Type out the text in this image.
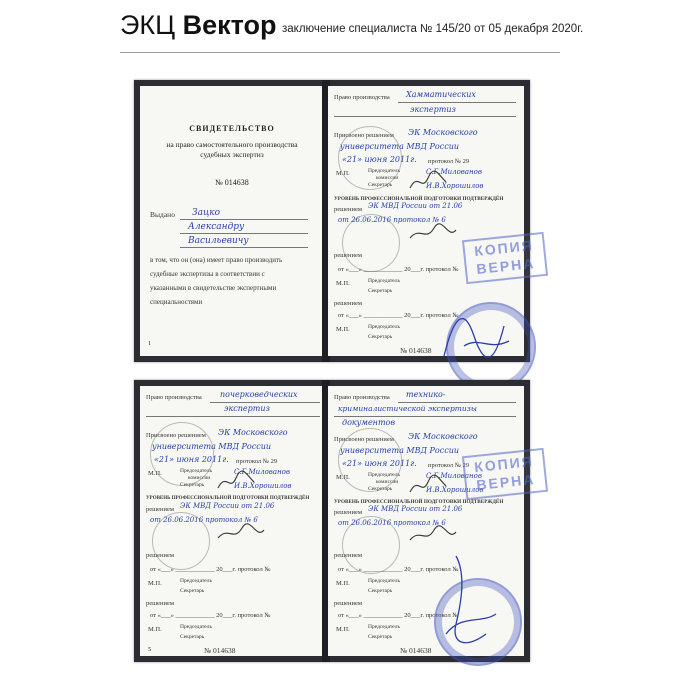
ЭКЦ Вектор заключение специалиста № 145/20 от 05 декабря 2020г.
СВИДЕТЕЛЬСТВО
на право самостоятельного производства
судебных экспертиз
№ 014638
Выдано Зацко
Александру
Васильевичу
в том, что он (она) имеет право производить
судебные экспертизы в соответствии с
указанными в свидетельстве экспертными
специальностями
1
Право производства Хамматических
экспертиз
Присвоено решением ЭК Московского
университета МВД России
«21» июня 2011г. протокол № 29
М.П.	Председатель
комиссии
Секретарь
С.Г.Милованов
И.В.Хорошилов
УРОВЕНЬ ПРОФЕССИОНАЛЬНОЙ ПОДГОТОВКИ ПОДТВЕРЖДЁН
решением ЭК МВД России от 21.06
от 26.06.2016 протокол № 6
решением
от «___» ____________ 20___г. протокол №
М.П.	Председатель
Секретарь
решением
от «___» ____________ 20___г. протокол №
М.П.	Председатель
Секретарь
№ 014638
КОПИЯ
ВЕРНА
Право производства почерковедческих
экспертиз
Присвоено решением ЭК Московского
университета МВД России
«21» июня 2011г. протокол № 29
М.П.	Председатель
комиссии
Секретарь
С.Г.Милованов
И.В.Хорошилов
УРОВЕНЬ ПРОФЕССИОНАЛЬНОЙ ПОДГОТОВКИ ПОДТВЕРЖДЁН
решением ЭК МВД России от 21.06
от 26.06.2016 протокол № 6
решением
от «___» ____________ 20___г. протокол №
М.П.	Председатель
Секретарь
решением
от «___» ____________ 20___г. протокол №
М.П.	Председатель
Секретарь
5	№ 014638
Право производства технико-
криминалистической экспертизы
документов
Присвоено решением ЭК Московского
университета МВД России
«21» июня 2011г. протокол № 29
М.П.	Председатель
комиссии
Секретарь
С.Г.Милованов
И.В.Хорошилов
УРОВЕНЬ ПРОФЕССИОНАЛЬНОЙ ПОДГОТОВКИ ПОДТВЕРЖДЁН
решением ЭК МВД России от 21.06
от 26.06.2016 протокол № 6
решением
от «___» ____________ 20___г. протокол №
М.П.	Председатель
Секретарь
решением
от «___» ____________ 20___г. протокол №
М.П.	Председатель
Секретарь
№ 014638
КОПИЯ
ВЕРНА
